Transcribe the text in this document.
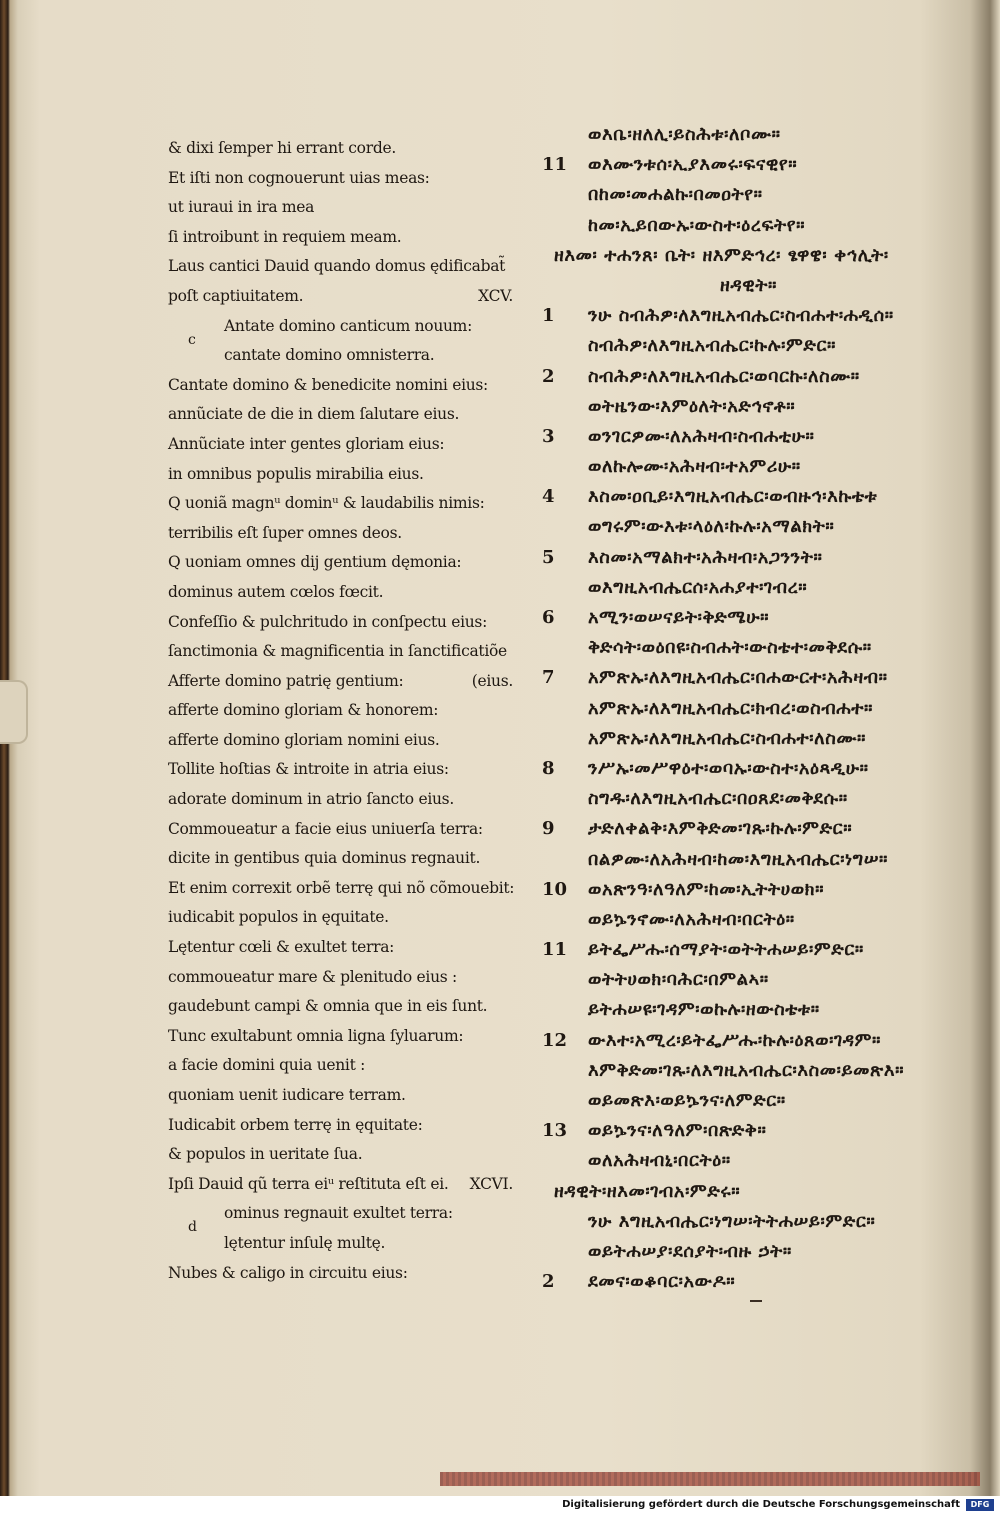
& dixi ſemper hi errant corde.
Et iſti non cognouerunt uias meas:
ut iuraui in ira mea
ſi introibunt in requiem meam.
Laus cantici Dauid quando domus ędificabat̃
poſt captiuitatem.	XCV.
c
Antate domino canticum nouum:
cantate domino omnisterra.
Cantate domino & benedicite nomini eius:
annũciate de die in diem ſalutare eius.
Annũciate inter gentes gloriam eius:
in omnibus populis mirabilia eius.
Q uoniã magnᵘ dominᵘ & laudabilis nimis:
terribilis eſt ſuper omnes deos.
Q uoniam omnes dij gentium dęmonia:
dominus autem cœlos fœcit.
Confeſſio & pulchritudo in conſpectu eius:
ſanctimonia & magnificentia in ſanctificatiõe
Afferte domino patrię gentium:	(eius.
afferte domino gloriam & honorem:
afferte domino gloriam nomini eius.
Tollite hoſtias & introite in atria eius:
adorate dominum in atrio ſancto eius.
Commoueatur a facie eius uniuerſa terra:
dicite in gentibus quia dominus regnauit.
Et enim correxit orbẽ terrę qui nõ cõmouebit:
iudicabit populos in ęquitate.
Lętentur cœli & exultet terra:
commoueatur mare & plenitudo eius :
gaudebunt campi & omnia que in eis ſunt.
Tunc exultabunt omnia ligna ſyluarum:
a facie domini quia uenit :
quoniam uenit iudicare terram.
Iudicabit orbem terrę in ęquitate:
& populos in ueritate ſua.
Ipſi Dauid qũ terra eiᵘ reſtituta eſt ei. XCVI.
d
ominus regnauit exultet terra:
lętentur inſulę multę.
Nubes & caligo in circuitu eius:
ወእቤ፡ዘለሊ፡ይስሕቱ፡ለቦሙ።
11 ወእሙንቱሰ፡ኢያእመሩ፡ፍናዊየ።
በከመ፡መሐልኩ፡በመዐትየ።
ከመ፡ኢይበውኡ፡ውስተ፡ዕረፍትየ።
ዘእመ፡ ተሐንጸ፡ ቤት፡ ዘእምድኅረ፡ ፄዋዌ፡ ቀኅሊት፡
ዘዳዊት።
1 ንሁ ስብሕዎ፡ለእግዚአብሔር፡ስብሐተ፡ሐዲሰ።
ስብሕዎ፡ለእግዚአብሔር፡ኩሉ፡ምድር።
2 ስብሕዎ፡ለእግዚአብሔር፡ወባርኩ፡ለስሙ።
ወትዜንው፡እምዕለት፡አድኅኖቶ።
3 ወንገርዎሙ፡ለአሕዛብ፡ስብሐቲሁ።
ወለኩሎሙ፡አሕዛብ፡ተአምሪሁ።
4 እስመ፡ዐቢይ፡እግዚአብሔር፡ወብዙኅ፡እኩቴቱ
ወግሩም፡ውእቱ፡ላዕለ፡ኩሉ፡አማልክት።
5 እስመ፡አማልክተ፡አሕዛብ፡አጋንንት።
ወእግዚአብሔርሰ፡አሐያተ፡ገብረ።
6 አሚን፡ወሠናይት፡ቅድሜሁ።
ቅድሳት፡ወዕበዩ፡ስብሐት፡ውስቴተ፡መቅደሱ።
7 አምጽኡ፡ለእግዚአብሔር፡በሐውርተ፡አሕዛብ።
አምጽኡ፡ለእግዚአብሔር፡ክብረ፡ወስብሐተ።
አምጽኡ፡ለእግዚአብሔር፡ስብሐተ፡ለስሙ።
8 ንሥኡ፡መሥዋዕተ፡ወባኡ፡ውስተ፡አዕጻዲሁ።
ስግዱ፡ለእግዚአብሔር፡በዐጸደ፡መቅደሱ።
9 ታድለቀልቅ፡እምቅድመ፡ገጹ፡ኩሉ፡ምድር።
በልዎሙ፡ለአሕዛብ፡ከመ፡እግዚአብሔር፡ነግሠ።
10 ወአጽንዓ፡ለዓለም፡ከመ፡ኢትትሀወክ።
ወይኴንኖሙ፡ለአሕዛብ፡በርትዕ።
11 ይትፌሥሑ፡ሰማያት፡ወትትሐሠይ፡ምድር።
ወትትሀወክ፡ባሕር፡በምልኣ።
ይትሐሠዩ፡ገዳም፡ወኩሉ፡ዘውስቴቱ።
12 ውእተ፡አሚረ፡ይትፌሥሑ፡ኩሉ፡ዕጸወ፡ገዳም።
እምቅድመ፡ገጹ፡ለእግዚአብሔር፡እስመ፡ይመጽእ።
ወይመጽእ፡ወይኴንና፡ለምድር።
13 ወይኴንና፡ለዓለም፡በጽድቅ።
ወለአሕዛብኒ፡በርትዕ።
ዘዳዊት፡ዘእመ፡ገብአ፡ምድሩ።
ንሁ እግዚአብሔር፡ነግሠ፡ትትሐሠይ፡ምድር።
ወይትሐሠያ፡ደሰያት፡ብዙ ኃት።
2 ደመና፡ወቆባር፡አውዶ።
Digitalisierung gefördert durch die Deutsche Forschungsgemeinschaft	DFG
